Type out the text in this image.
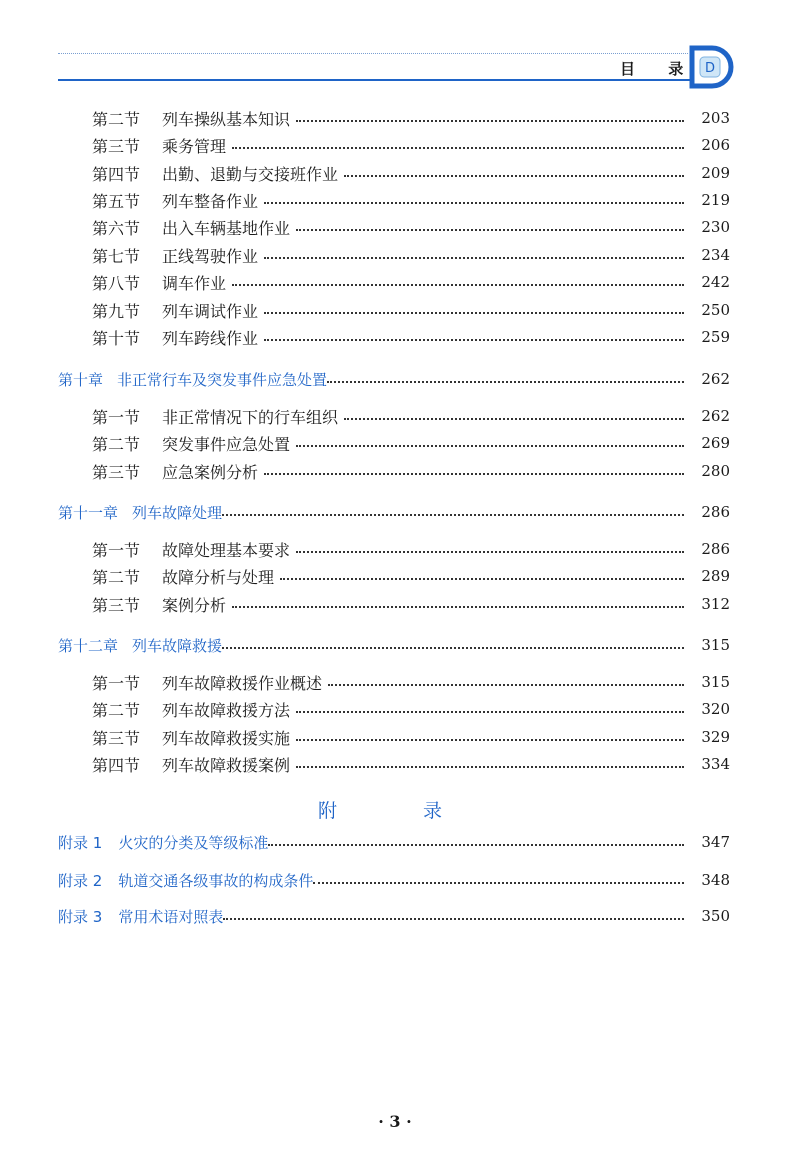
目 录 D
第二节 列车操纵基本知识	203
第三节 乘务管理	206
第四节 出勤、退勤与交接班作业	209
第五节 列车整备作业	219
第六节 出入车辆基地作业	230
第七节 正线驾驶作业	234
第八节 调车作业	242
第九节 列车调试作业	250
第十节 列车跨线作业	259
第十章 非正常行车及突发事件应急处置	262
第一节 非正常情况下的行车组织	262
第二节 突发事件应急处置	269
第三节 应急案例分析	280
第十一章 列车故障处理	286
第一节 故障处理基本要求	286
第二节 故障分析与处理	289
第三节 案例分析	312
第十二章 列车故障救援	315
第一节 列车故障救援作业概述	315
第二节 列车故障救援方法	320
第三节 列车故障救援实施	329
第四节 列车故障救援案例	334
附 录
附录 1 火灾的分类及等级标准	347
附录 2 轨道交通各级事故的构成条件	348
附录 3 常用术语对照表	350
· 3 ·
